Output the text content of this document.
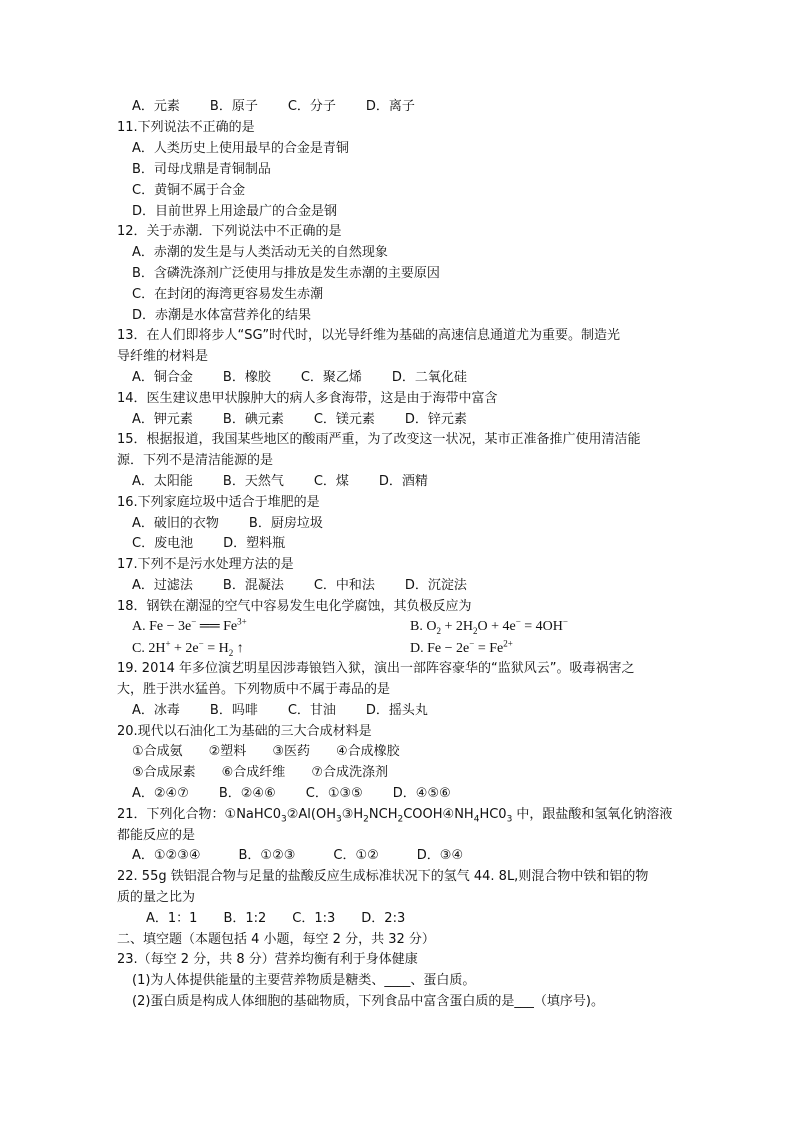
A．元素 B．原子 C．分子 D．离子
11.下列说法不正确的是
A．人类历史上使用最早的合金是青铜
B．司母戊鼎是青铜制品
C．黄铜不属于合金
D．目前世界上用途最广的合金是钢
12．关于赤潮．下列说法中不正确的是
A．赤潮的发生是与人类活动无关的自然现象
B．含磷洗涤剂广泛使用与排放是发生赤潮的主要原因
C．在封闭的海湾更容易发生赤潮
D．赤潮是水体富营养化的结果
13．在人们即将步人“SG”时代时，以光导纤维为基础的高速信息通道尤为重要。制造光
导纤维的材料是
A．铜合金 B．橡胶 C．聚乙烯 D．二氧化硅
14．医生建议患甲状腺肿大的病人多食海带，这是由于海带中富含
A．钾元素 B．碘元素 C．镁元素 D．锌元素
15．根据报道，我国某些地区的酸雨严重，为了改变这一状况，某市正准备推广使用清洁能
源．下列不是清洁能源的是
A．太阳能 B．天然气 C．煤 D．酒精
16.下列家庭垃圾中适合于堆肥的是
A．破旧的衣物 B．厨房垃圾
C．废电池 D．塑料瓶
17.下列不是污水处理方法的是
A．过滤法 B．混凝法 C．中和法 D．沉淀法
18．钢铁在潮湿的空气中容易发生电化学腐蚀，其负极反应为
A. Fe − 3e− ══ $Fe^{3+}$	B. $O_2 + 2H_2O + 4e^- = 4OH^-$
C. $2H^+ + 2e^- = H_2$ ↑	D. $Fe - 2e^- = Fe^{2+}$
19. 2014 年多位演艺明星因涉毒锒铛入狱，演出一部阵容豪华的“监狱风云”。吸毒祸害之
大，胜于洪水猛兽。下列物质中不属于毒品的是
A．冰毒 B．吗啡 C．甘油 D．摇头丸
20.现代以石油化工为基础的三大合成材料是
①合成氨 ②塑料 ③医药 ④合成橡胶
⑤合成尿素 ⑥合成纤维 ⑦合成洗涤剂
A．②④⑦ B．②④⑥ C．①③⑤ D．④⑤⑥
21．下列化合物：$①NaHC0_3②Al(OH_3③H_2NCH_2COOH④NH_4HC0_3$ 中，跟盐酸和氢氧化钠溶液
都能反应的是
A．①②③④	B．①②③	C．①②	D．③④
22. 55g 铁铝混合物与足量的盐酸反应生成标准状况下的氢气 44. 8L,则混合物中铁和铝的物
质的量之比为
A．1：1 B．1:2 C．1:3 D．2:3
二、填空题（本题包括 4 小题，每空 2 分，共 32 分）
23.（每空 2 分，共 8 分）营养均衡有利于身体健康
(1)为人体提供能量的主要营养物质是糖类、____、蛋白质。
(2)蛋白质是构成人体细胞的基础物质，下列食品中富含蛋白质的是___（填序号)。
